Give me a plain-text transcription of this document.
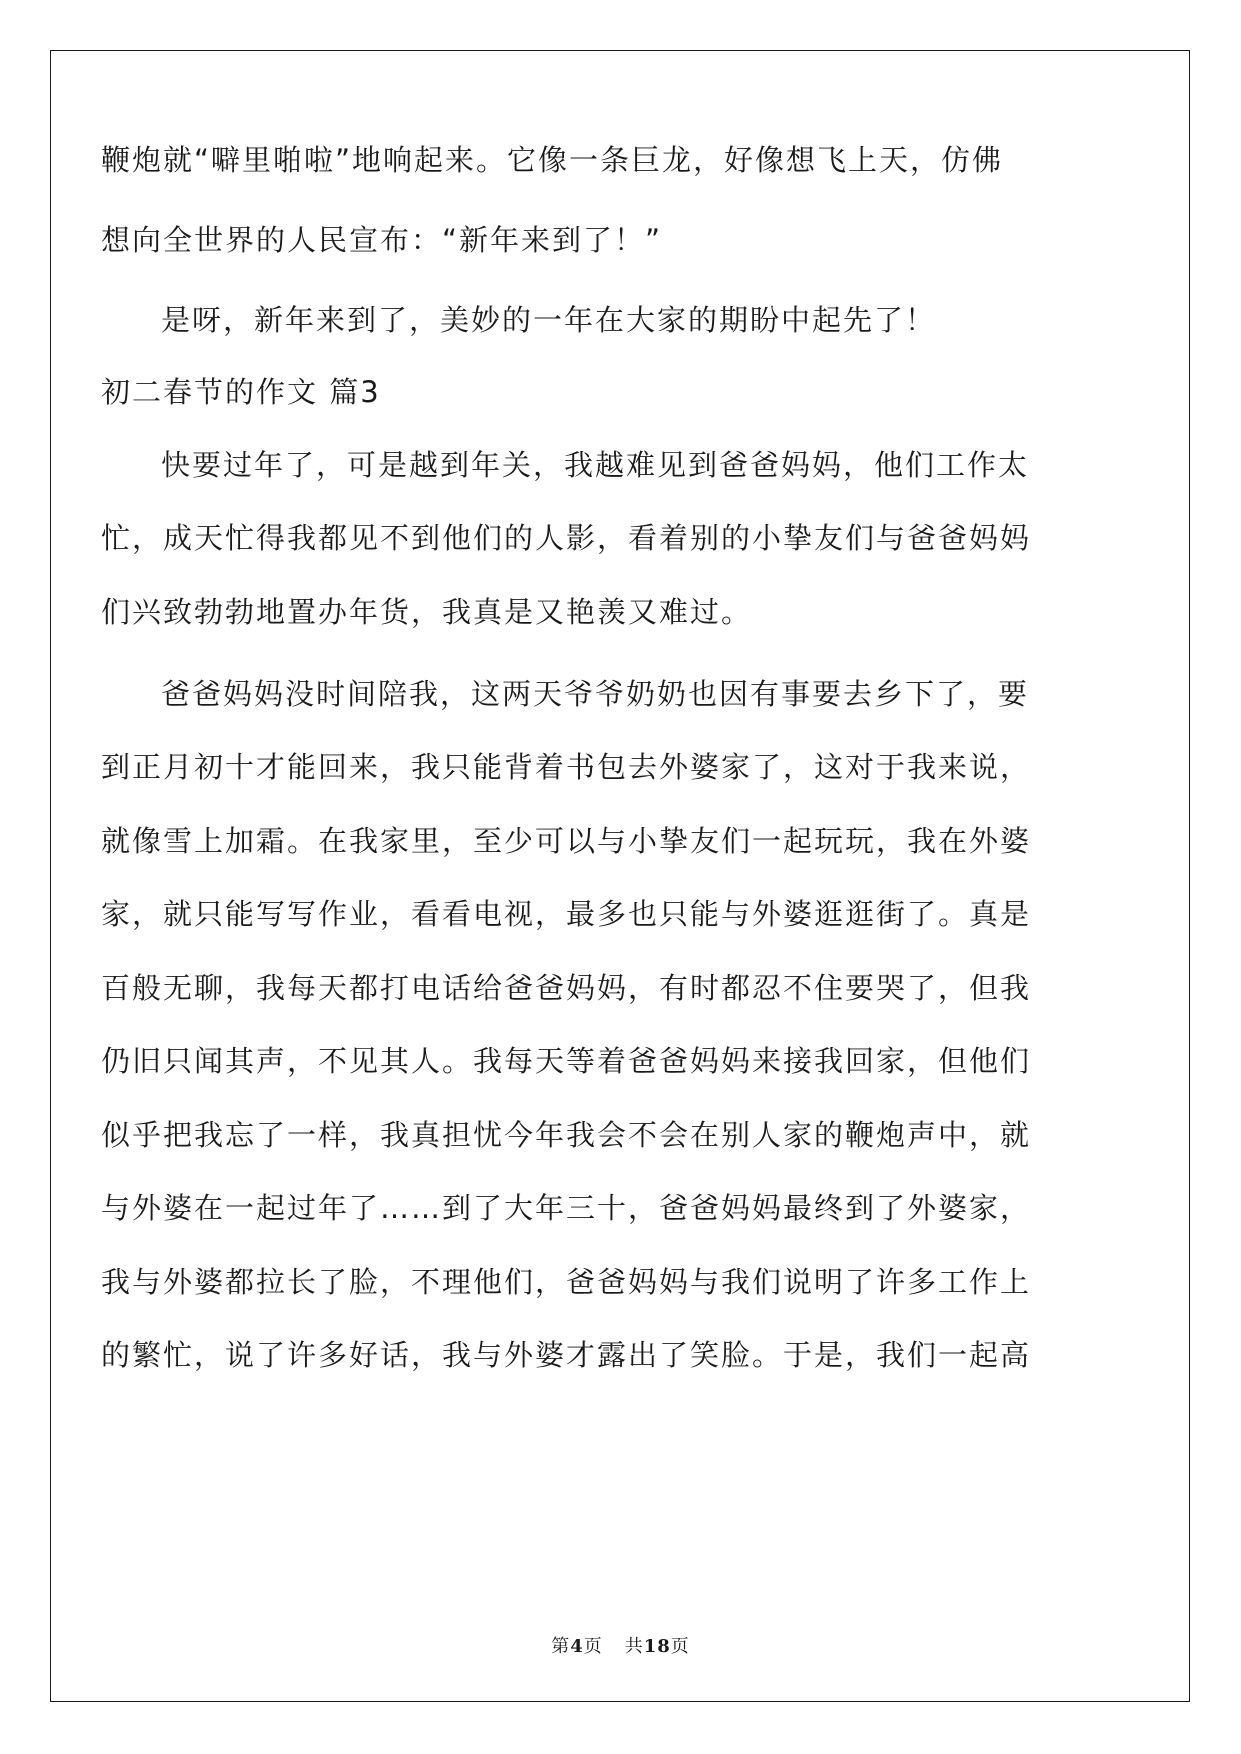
鞭炮就“噼里啪啦”地响起来。它像一条巨龙，好像想飞上天，仿佛
想向全世界的人民宣布：“新年来到了！”
是呀，新年来到了，美妙的一年在大家的期盼中起先了！
初二春节的作文 篇3
快要过年了，可是越到年关，我越难见到爸爸妈妈，他们工作太
忙，成天忙得我都见不到他们的人影，看着别的小挚友们与爸爸妈妈
们兴致勃勃地置办年货，我真是又艳羡又难过。
爸爸妈妈没时间陪我，这两天爷爷奶奶也因有事要去乡下了，要
到正月初十才能回来，我只能背着书包去外婆家了，这对于我来说，
就像雪上加霜。在我家里，至少可以与小挚友们一起玩玩，我在外婆
家，就只能写写作业，看看电视，最多也只能与外婆逛逛街了。真是
百般无聊，我每天都打电话给爸爸妈妈，有时都忍不住要哭了，但我
仍旧只闻其声，不见其人。我每天等着爸爸妈妈来接我回家，但他们
似乎把我忘了一样，我真担忧今年我会不会在别人家的鞭炮声中，就
与外婆在一起过年了……到了大年三十，爸爸妈妈最终到了外婆家，
我与外婆都拉长了脸，不理他们，爸爸妈妈与我们说明了许多工作上
的繁忙，说了许多好话，我与外婆才露出了笑脸。于是，我们一起高
第4页 共18页
